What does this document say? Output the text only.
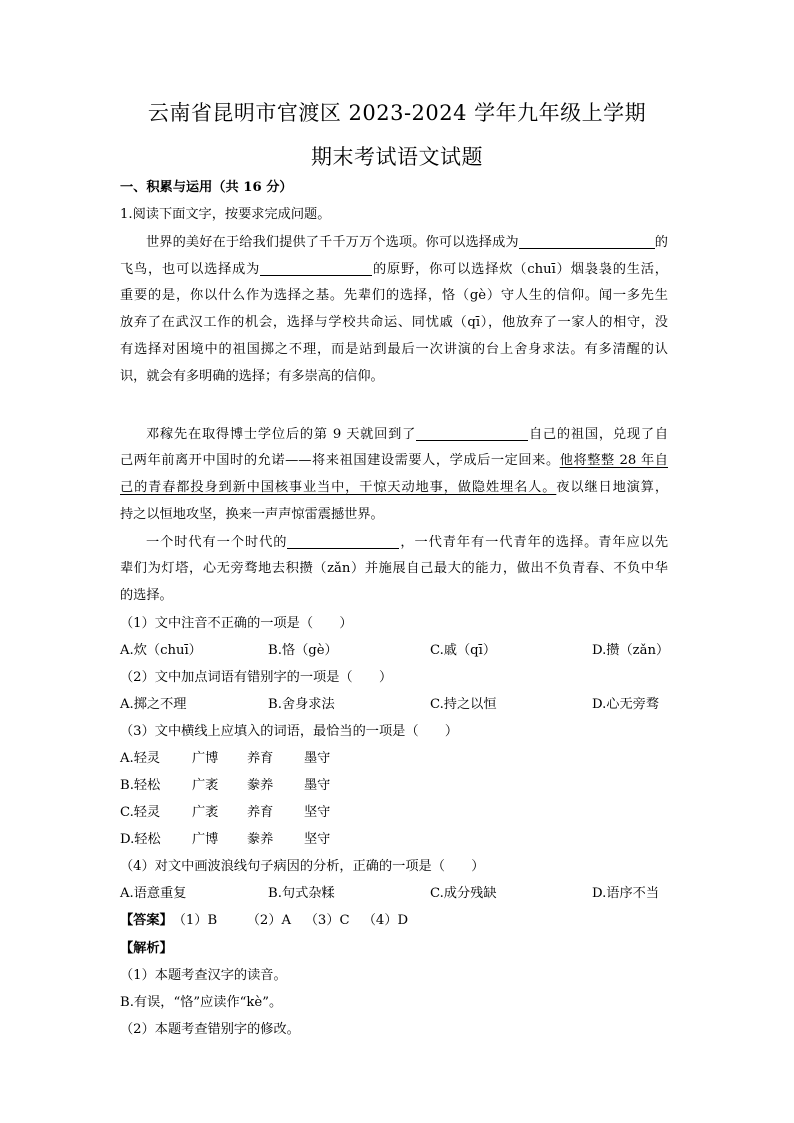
云南省昆明市官渡区 2023-2024 学年九年级上学期
期末考试语文试题
一、积累与运用（共 16 分）
1.阅读下面文字，按要求完成问题。
世界的美好在于给我们提供了千千万万个选项。你可以选择成为	的
飞鸟，也可以选择成为	的原野，你可以选择炊（chuī）烟袅袅的生活，
重要的是，你以什么作为选择之基。先辈们的选择，恪（gè）守人生的信仰。闻一多先生
放弃了在武汉工作的机会，选择与学校共命运、同忧戚（qī），他放弃了一家人的相守，没
有选择对困境中的祖国掷之不理，而是站到最后一次讲演的台上舍身求法。有多清醒的认
识，就会有多明确的选择；有多崇高的信仰。
邓稼先在取得博士学位后的第 9 天就回到了	自己的祖国，兑现了自
己两年前离开中国时的允诺——将来祖国建设需要人，学成后一定回来。他将整整 28 年自
己的青春都投身到新中国核事业当中，干惊天动地事，做隐姓埋名人。夜以继日地演算，
持之以恒地攻坚，换来一声声惊雷震撼世界。
一个时代有一个时代的	，一代青年有一代青年的选择。青年应以先
辈们为灯塔，心无旁骛地去积攒（zǎn）并施展自己最大的能力，做出不负青春、不负中华
的选择。
（1）文中注音不正确的一项是（　　）
A.炊（chuī）	B.恪（gè）	C.戚（qī）	D.攒（zǎn）
（2）文中加点词语有错别字的一项是（　　）
A.掷之不理	B.舍身求法	C.持之以恒	D.心无旁骛
（3）文中横线上应填入的词语，最恰当的一项是（　　）
A.轻灵 广博 养育 墨守
B.轻松 广袤 豢养 墨守
C.轻灵 广袤 养育 坚守
D.轻松 广博 豢养 坚守
（4）对文中画波浪线句子病因的分析，正确的一项是（　　）
A.语意重复	B.句式杂糅	C.成分残缺	D.语序不当
【答案】（1）B （2）A （3）C （4）D
【解析】
（1）本题考查汉字的读音。
B.有误，“恪”应读作“kè”。
（2）本题考查错别字的修改。
